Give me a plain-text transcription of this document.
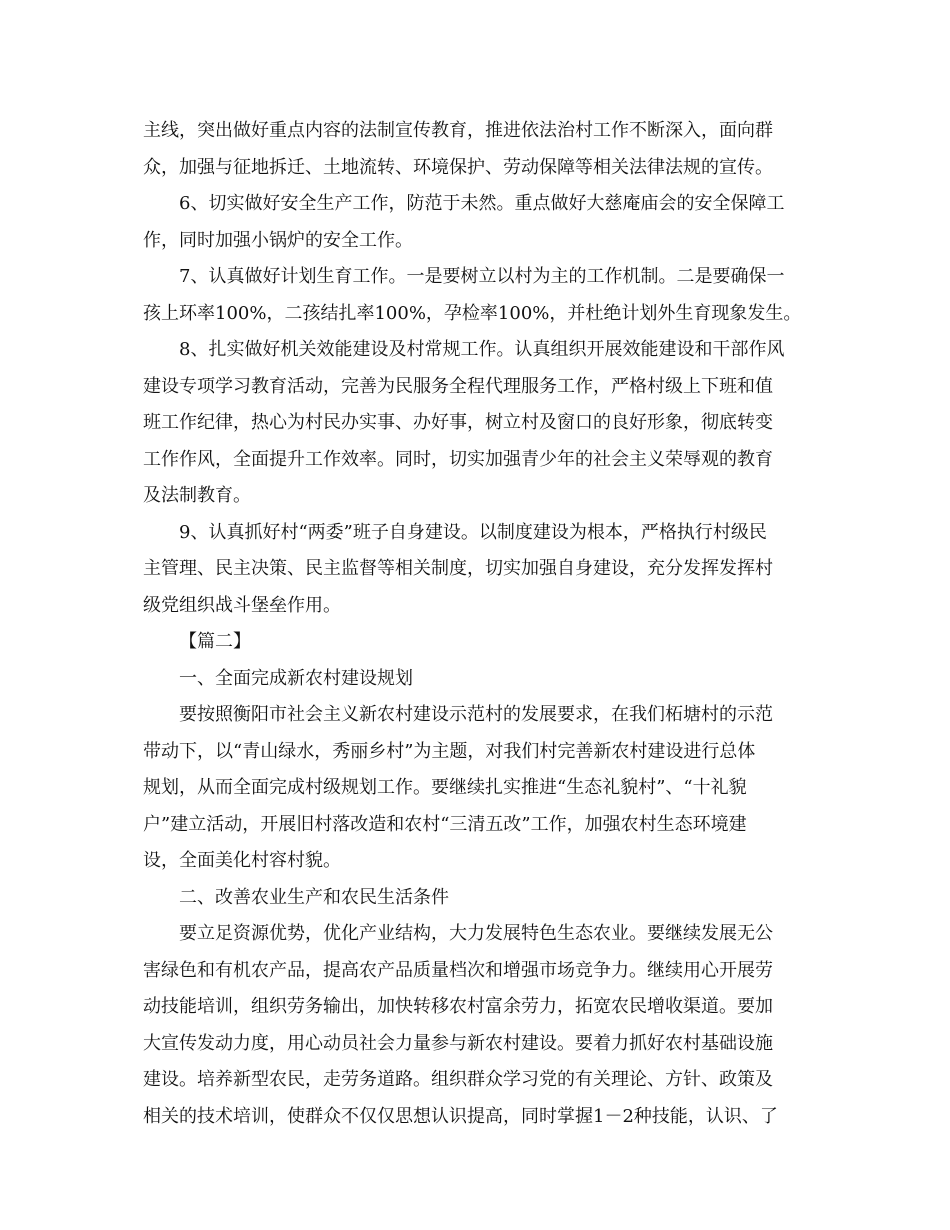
主线，突出做好重点内容的法制宣传教育，推进依法治村工作不断深入，面向群
众，加强与征地拆迁、土地流转、环境保护、劳动保障等相关法律法规的宣传。
6、切实做好安全生产工作，防范于未然。重点做好大慈庵庙会的安全保障工
作，同时加强小锅炉的安全工作。
7、认真做好计划生育工作。一是要树立以村为主的工作机制。二是要确保一
孩上环率100%，二孩结扎率100%，孕检率100%，并杜绝计划外生育现象发生。
8、扎实做好机关效能建设及村常规工作。认真组织开展效能建设和干部作风
建设专项学习教育活动，完善为民服务全程代理服务工作，严格村级上下班和值
班工作纪律，热心为村民办实事、办好事，树立村及窗口的良好形象，彻底转变
工作作风，全面提升工作效率。同时，切实加强青少年的社会主义荣辱观的教育
及法制教育。
9、认真抓好村“两委”班子自身建设。以制度建设为根本，严格执行村级民
主管理、民主决策、民主监督等相关制度，切实加强自身建设，充分发挥发挥村
级党组织战斗堡垒作用。
【篇二】
一、全面完成新农村建设规划
要按照衡阳市社会主义新农村建设示范村的发展要求，在我们柘塘村的示范
带动下，以“青山绿水，秀丽乡村”为主题，对我们村完善新农村建设进行总体
规划，从而全面完成村级规划工作。要继续扎实推进“生态礼貌村”、“十礼貌
户”建立活动，开展旧村落改造和农村“三清五改”工作，加强农村生态环境建
设，全面美化村容村貌。
二、改善农业生产和农民生活条件
要立足资源优势，优化产业结构，大力发展特色生态农业。要继续发展无公
害绿色和有机农产品，提高农产品质量档次和增强市场竞争力。继续用心开展劳
动技能培训，组织劳务输出，加快转移农村富余劳力，拓宽农民增收渠道。要加
大宣传发动力度，用心动员社会力量参与新农村建设。要着力抓好农村基础设施
建设。培养新型农民，走劳务道路。组织群众学习党的有关理论、方针、政策及
相关的技术培训，使群众不仅仅思想认识提高，同时掌握1－2种技能，认识、了
